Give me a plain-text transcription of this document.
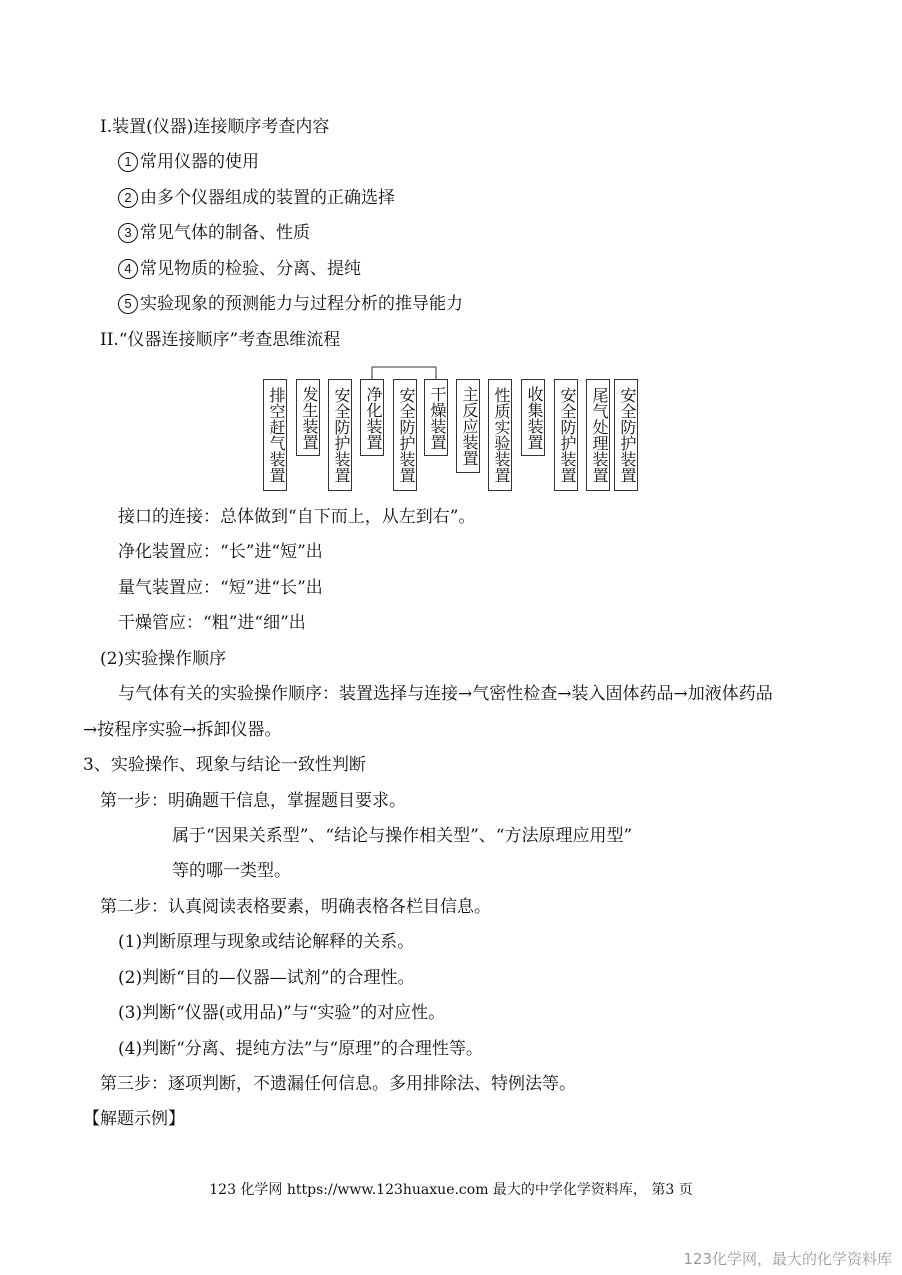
I.装置(仪器)连接顺序考查内容
1 常用仪器的使用
2 由多个仪器组成的装置的正确选择
3 常见气体的制备、性质
4 常见物质的检验、分离、提纯
5 实验现象的预测能力与过程分析的推导能力
II.“仪器连接顺序”考查思维流程
排空赶气装置 发生装置 安全防护装置 净化装置 安全防护装置 干燥装置 主反应装置 性质实验装置 收集装置 安全防护装置 尾气处理装置 安全防护装置
接口的连接：总体做到“自下而上，从左到右”。
净化装置应：“长”进“短”出
量气装置应：“短”进“长”出
干燥管应：“粗”进“细”出
(2)实验操作顺序
与气体有关的实验操作顺序：装置选择与连接→气密性检查→装入固体药品→加液体药品
→按程序实验→拆卸仪器。
3、实验操作、现象与结论一致性判断
第一步：明确题干信息，掌握题目要求。
属于“因果关系型”、“结论与操作相关型”、“方法原理应用型”
等的哪一类型。
第二步：认真阅读表格要素，明确表格各栏目信息。
(1)判断原理与现象或结论解释的关系。
(2)判断“目的—仪器—试剂”的合理性。
(3)判断“仪器(或用品)”与“实验”的对应性。
(4)判断“分离、提纯方法”与“原理”的合理性等。
第三步：逐项判断，不遗漏任何信息。多用排除法、特例法等。
【解题示例】
123 化学网 https://www.123huaxue.com 最大的中学化学资料库， 第3 页
123化学网，最大的化学资料库
